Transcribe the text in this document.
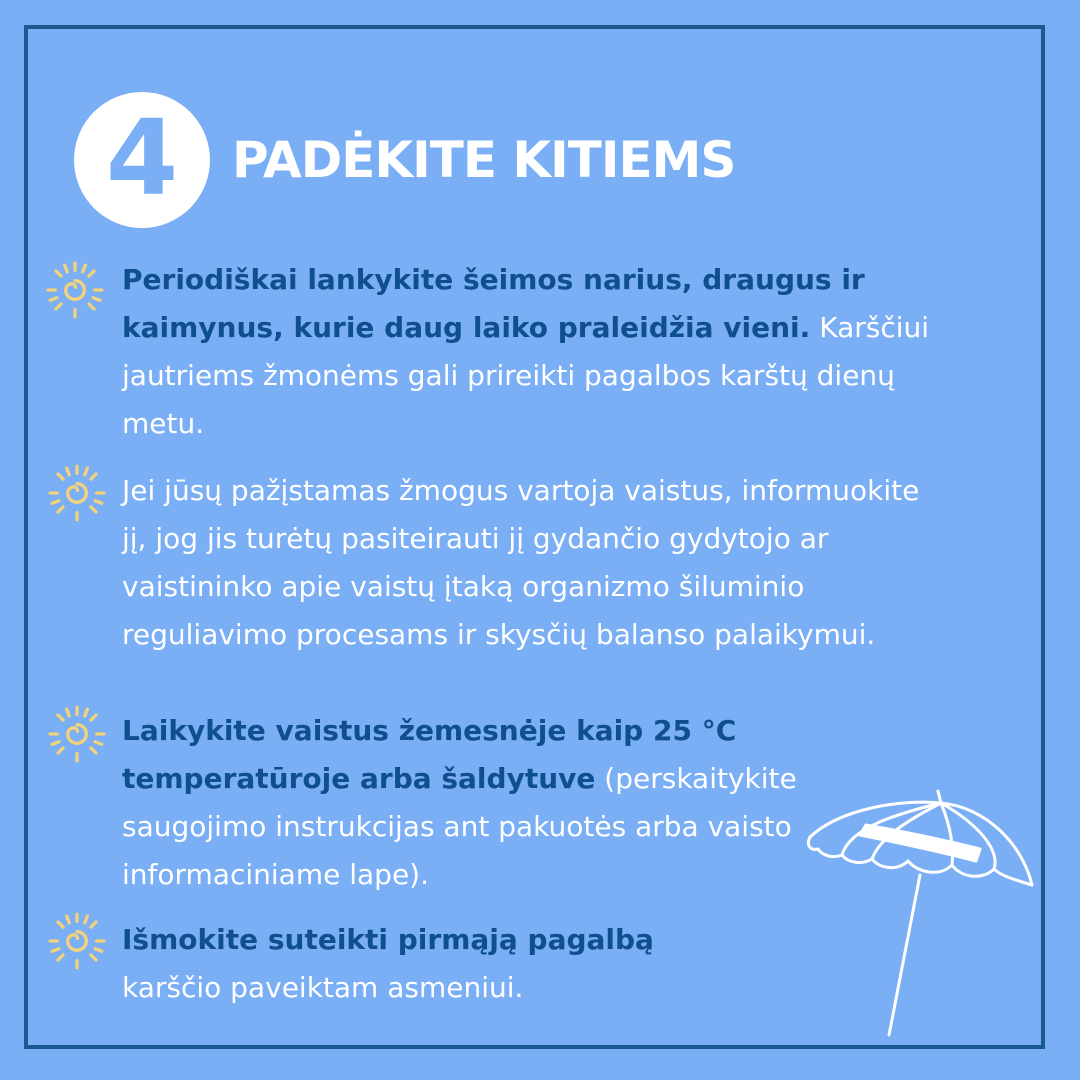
4 PADĖKITE KITIEMS
Periodiškai lankykite šeimos narius, draugus ir kaimynus, kurie daug laiko praleidžia vieni. Karščiui jautriems žmonėms gali prireikti pagalbos karštų dienų metu.
Jei jūsų pažįstamas žmogus vartoja vaistus, informuokite jį, jog jis turėtų pasiteirauti jį gydančio gydytojo ar vaistininko apie vaistų įtaką organizmo šiluminio reguliavimo procesams ir skysčių balanso palaikymui.
Laikykite vaistus žemesnėje kaip 25 °C temperatūroje arba šaldytuve (perskaitykite saugojimo instrukcijas ant pakuotės arba vaisto informaciniame lape).
Išmokite suteikti pirmąją pagalbą
karščio paveiktam asmeniui.
